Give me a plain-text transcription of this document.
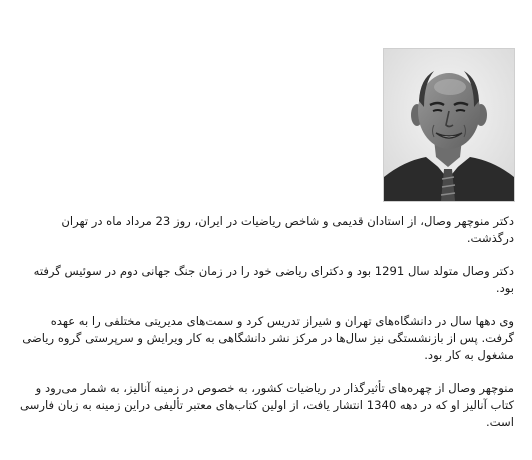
دکتر منوچهر وصال، از استادان قدیمی و شاخص ریاضیات در ایران، روز 23 مرداد ماه در تهران درگذشت.

دکتر وصال متولد سال 1291 بود و دکترای ریاضی خود را در زمان جنگ جهانی دوم در سوئیس گرفته بود.

وی دهها سال در دانشگاه‌های تهران و شیراز تدریس کرد و سمت‌های مدیریتی مختلفی را به عهده گرفت. پس از بازنشستگی نیز سال‌ها در مرکز نشر دانشگاهی به کار ویرایش و سرپرستی گروه ریاضی مشغول به کار بود.

منوچهر وصال از چهره‌های تأثیرگذار در ریاضیات کشور، به خصوص در زمینه آنالیز، به شمار می‌رود و کتاب آنالیز او که در دهه 1340 انتشار یافت، از اولین کتاب‌های معتبر تألیفی دراین زمینه به زبان فارسی است.
